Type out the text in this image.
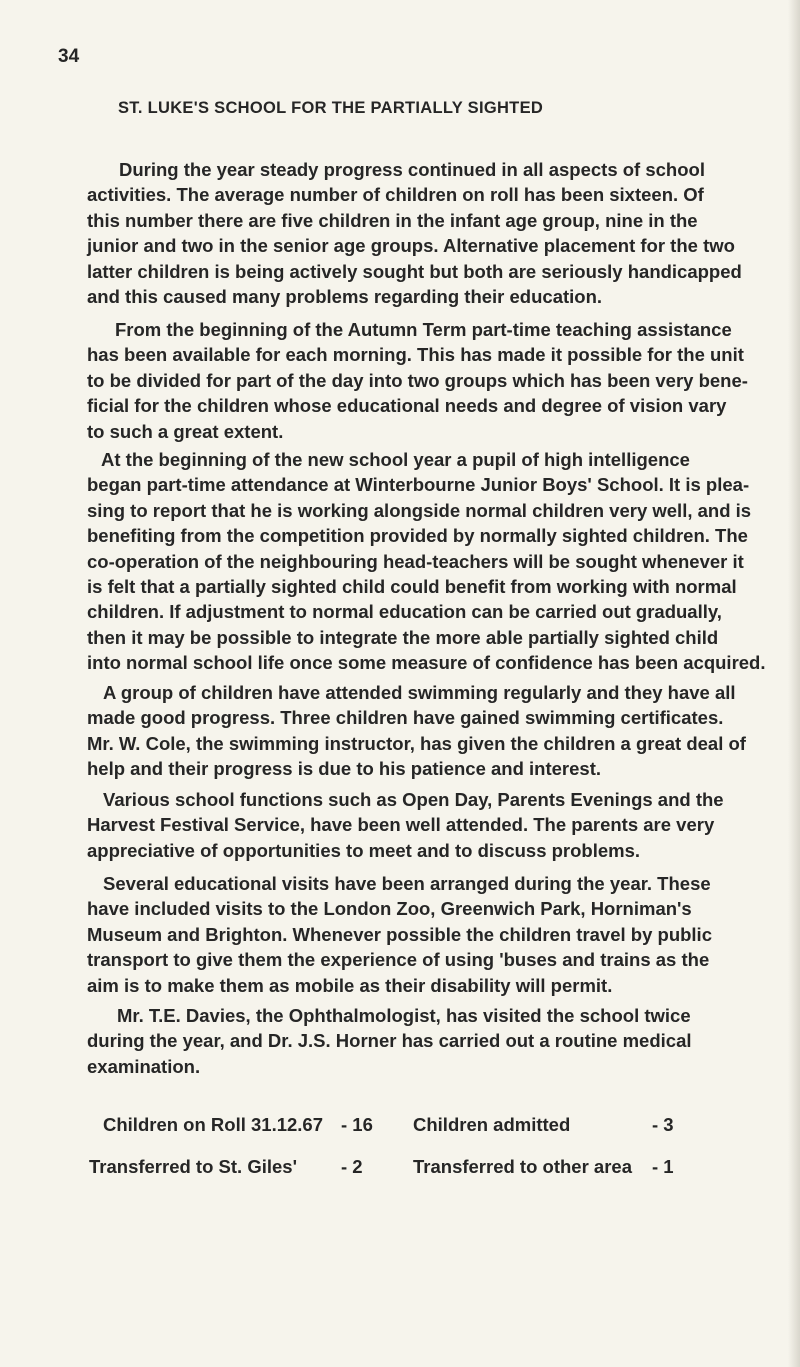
34
ST. LUKE'S SCHOOL FOR THE PARTIALLY SIGHTED
During the year steady progress continued in all aspects of school
activities. The average number of children on roll has been sixteen. Of
this number there are five children in the infant age group, nine in the
junior and two in the senior age groups. Alternative placement for the two
latter children is being actively sought but both are seriously handicapped
and this caused many problems regarding their education.
From the beginning of the Autumn Term part-time teaching assistance
has been available for each morning. This has made it possible for the unit
to be divided for part of the day into two groups which has been very bene-
ficial for the children whose educational needs and degree of vision vary
to such a great extent.
At the beginning of the new school year a pupil of high intelligence
began part-time attendance at Winterbourne Junior Boys' School. It is plea-
sing to report that he is working alongside normal children very well, and is
benefiting from the competition provided by normally sighted children. The
co-operation of the neighbouring head-teachers will be sought whenever it
is felt that a partially sighted child could benefit from working with normal
children. If adjustment to normal education can be carried out gradually,
then it may be possible to integrate the more able partially sighted child
into normal school life once some measure of confidence has been acquired.
A group of children have attended swimming regularly and they have all
made good progress. Three children have gained swimming certificates.
Mr. W. Cole, the swimming instructor, has given the children a great deal of
help and their progress is due to his patience and interest.
Various school functions such as Open Day, Parents Evenings and the
Harvest Festival Service, have been well attended. The parents are very
appreciative of opportunities to meet and to discuss problems.
Several educational visits have been arranged during the year. These
have included visits to the London Zoo, Greenwich Park, Horniman's
Museum and Brighton. Whenever possible the children travel by public
transport to give them the experience of using 'buses and trains as the
aim is to make them as mobile as their disability will permit.
Mr. T.E. Davies, the Ophthalmologist, has visited the school twice
during the year, and Dr. J.S. Horner has carried out a routine medical
examination.
Children on Roll 31.12.67 - 16 Children admitted	- 3
Transferred to St. Giles' - 2	Transferred to other area - 1
